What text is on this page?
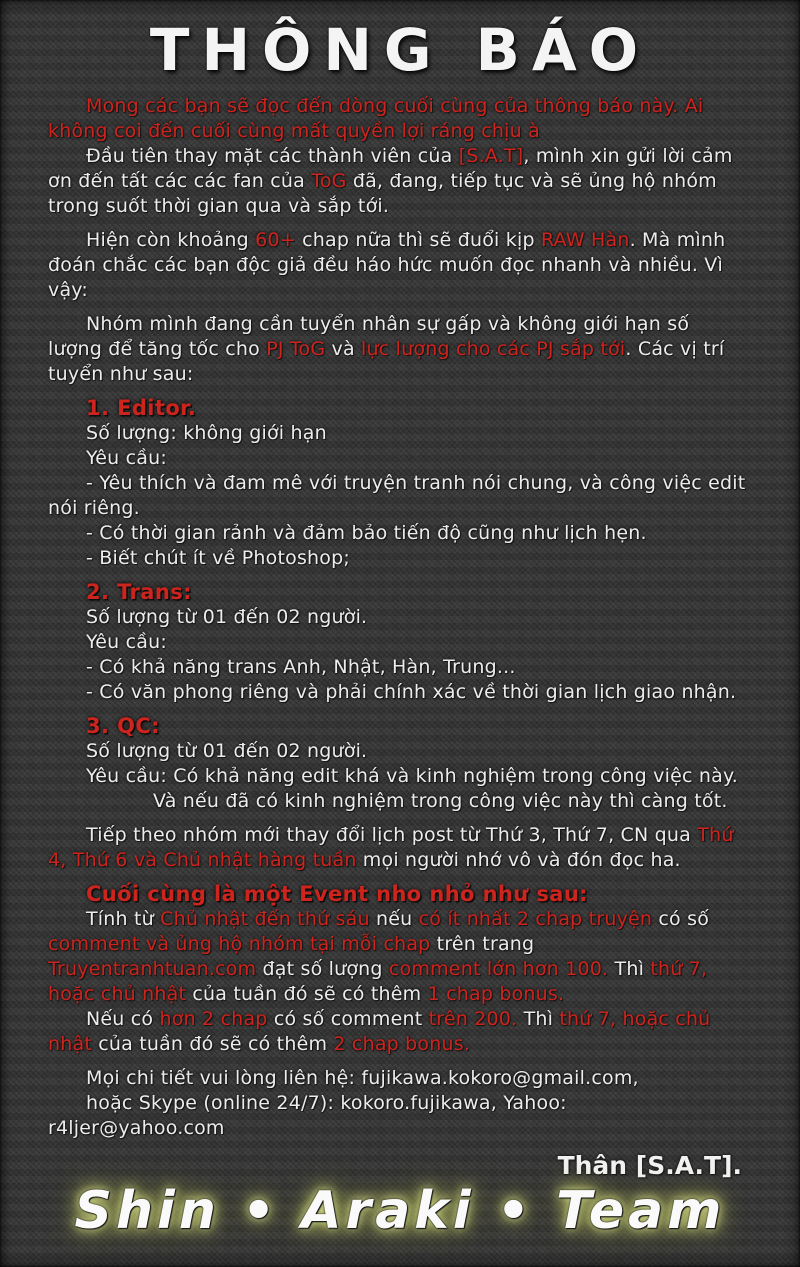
THÔNG BÁO

Mong các bạn sẽ đọc đến dòng cuối cùng của thông báo này. Ai không coi đến cuối cùng mất quyền lợi ráng chịu à

Đầu tiên thay mặt các thành viên của [S.A.T], mình xin gửi lời cảm ơn đến tất các các fan của ToG đã, đang, tiếp tục và sẽ ủng hộ nhóm trong suốt thời gian qua và sắp tới.

Hiện còn khoảng 60+ chap nữa thì sẽ đuổi kịp RAW Hàn. Mà mình đoán chắc các bạn độc giả đều háo hức muốn đọc nhanh và nhiều. Vì vậy:

Nhóm mình đang cần tuyển nhân sự gấp và không giới hạn số lượng để tăng tốc cho PJ ToG và lực lượng cho các PJ sắp tới. Các vị trí tuyển như sau:

1. Editor.

Số lượng: không giới hạn

Yêu cầu:

- Yêu thích và đam mê với truyện tranh nói chung, và công việc edit nói riêng.

- Có thời gian rảnh và đảm bảo tiến độ cũng như lịch hẹn.

- Biết chút ít về Photoshop;

2. Trans:

Số lượng từ 01 đến 02 người.

Yêu cầu:

- Có khả năng trans Anh, Nhật, Hàn, Trung...

- Có văn phong riêng và phải chính xác về thời gian lịch giao nhận.

3. QC:

Số lượng từ 01 đến 02 người.

Yêu cầu: Có khả năng edit khá và kinh nghiệm trong công việc này.

Và nếu đã có kinh nghiệm trong công việc này thì càng tốt.

Tiếp theo nhóm mới thay đổi lịch post từ Thứ 3, Thứ 7, CN qua Thứ 4, Thứ 6 và Chủ nhật hàng tuần mọi người nhớ vô và đón đọc ha.

Cuối cùng là một Event nho nhỏ như sau:

Tính từ Chủ nhật đến thứ sáu nếu có ít nhất 2 chap truyện có số comment và ủng hộ nhóm tại mỗi chap trên trang Truyentranhtuan.com đạt số lượng comment lớn hơn 100. Thì thứ 7, hoặc chủ nhật của tuần đó sẽ có thêm 1 chap bonus.

Nếu có hơn 2 chap có số comment trên 200. Thì thứ 7, hoặc chủ nhật của tuần đó sẽ có thêm 2 chap bonus.

Mọi chi tiết vui lòng liên hệ: fujikawa.kokoro@gmail.com,

hoặc Skype (online 24/7): kokoro.fujikawa, Yahoo: r4ljer@yahoo.com

Thân [S.A.T].
Shin • Araki • Team
